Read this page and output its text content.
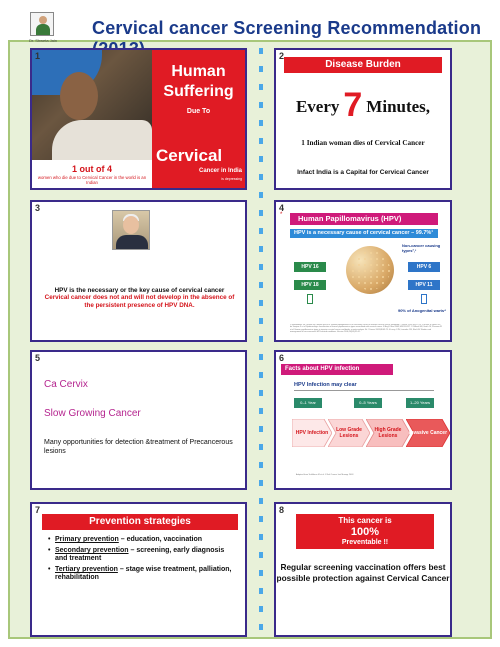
Dr. Shweta Jain
Cervical cancer Screening Recommendation
1
Human
Suffering
Due To
Cervical
Cancer in India
is depressing
1 out of 4
women who die due to Cervical Cancer in the world is an Indian
2
Disease Burden
Every 7 Minutes,
1 Indian woman dies of Cervical Cancer
Infact India is a Capital for Cervical Cancer
3
HPV is the necessary or the key cause of cervical cancer
Cervical cancer does not and will not develop in the absence of the persistent presence of HPV DNA.
4
*	Human Papillomavirus (HPV)
HPV is a necessary cause of cervical cancer – 99.7%¹
Non-cancer causing types²,³
HPV 16
HPV 18
HPV 6
HPV 11
90% of Anogenital warts⁴
1.Walboomers JM, Jacobs MV, Manos MM et al. Human papillomavirus is a necessary cause of invasive cervical cancer worldwide. J Pathol 1999;189:12-19. 2.Munoz N, Bosch FX, de Sanjose S et al. Epidemiologic classification of human papillomavirus types associated with cervical cancer. N Engl J Med 2003;348:518-527. 3.Clifford GM, Smith JS, Plummer M et al. Human papillomavirus types in invasive cervical cancer worldwide: a meta-analysis. Br J Cancer 2003;88:63-73. 4.Lacey CJN, Lowndes CM, Shah KV. Burden and management of non-cancerous HPV-related conditions. Vaccine 2006;24(S3):35-41.
5
Ca Cervix
Slow Growing Cancer
Many opportunities for detection &treatment of Precancerous lesions
6
Facts about HPV infection
HPV Infection may clear
0–1 Year	0–5 Years	1–20 Years
HPV Infection	Low Grade Lesions
High Grade Lesions	Invasive Cancer
Adapted from Schiffman M et al. J Natl Cancer Inst Monogr 2003
7
Prevention strategies
• Primary prevention – education, vaccination
• Secondary prevention – screening, early diagnosis and treatment
• Tertiary prevention – stage wise treatment, palliation, rehabilitation
8
This cancer is
100%
Preventable !!
Regular screening vaccination offers best possible protection against Cervical Cancer
